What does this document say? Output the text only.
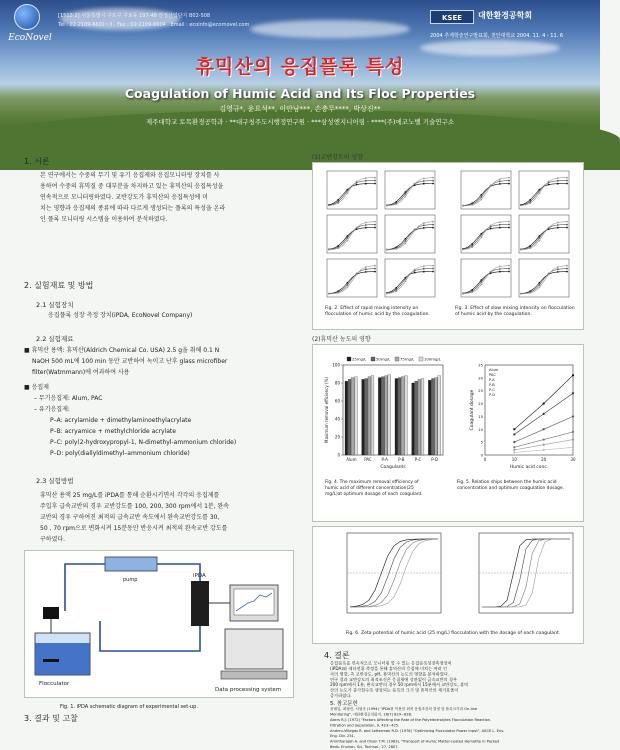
EcoNovel
[1512-2] 서울특별시 구로구 구로동 197-48 안정산업단지 B02-508
Tel : 02-2109-6601~3 . Fax : 02-2109-6604 . Email : ecoinfo@ecornovel.com
KSEE	대한환경공학회
2004 추계학술연구발표회, 천안대학교 2004. 11. 4 - 11. 6
휴믹산의 응집플록 특성
Coagulation of Humic Acid and Its Floc Properties
김영규*, 윤요석**, 이안남***, 손충무****, 박상진**
제주대학교 토목환경공학과 · **대구청주도시행정연구원 · ***삼성엔지니어링 · ****(주)에코노벨 기술연구소
1. 서론
본 연구에서는 수중의 무기 및 유기 응집제와 응집모니터링 장치를 사
용하여 수중의 휴믹질 중 대부분을 차지하고 있는 휴믹산의 응집특성을
연속적으로 모니터링하였다. 교반강도가 휴믹산의 응집특성에 미
치는 영향과 응집제의 종류에 따라 다르게 생성되는 플록의 특성을 온라
인 플록 모니터링 시스템을 이용하여 분석하였다.
2. 실험재료 및 방법
2.1 실험장치
응집플록 성장 측정 장치(iPDA, EcoNovel Company)
2.2 실험재료
■ 휴믹산 용액: 휴믹산(Aldrich Chemical Co. USA) 2.5 g을 취해 0.1 N
NaOH 500 mL에 100 min 동안 교반하여 녹이고 난후 glass microfiber
filter(Watmmann)에 여과하여 사용
■ 응집제
– 무기응집제: Alum, PAC
– 유기응집제:
P–A: acrylamide + dimethylaminoethylacrylate
P–B: acryamice + methylchloride acrylate
P–C: poly(2-hydroxypropyl-1, N-dimethyl-ammonium chloride)
P–D: poly(diallyldimethyl–ammonium chloride)
2.3 실험방법
휴믹산 용액 25 mg/L를 iPDA를 통해 순환시키면서 각각의 응집제를
주입후 급속교반의 경우 교반강도를 100, 200, 300 rpm에서 1분, 완속
교반의 경우 구하여진 최적의 급속교반 속도에서 완속교반강도를 30,
50 , 70 rpm으로 변화시켜 15분동안 반응시켜 최적의 완속교반 강도를
구하였다.
pump
iPDA
Flocculator
Data processing system
Fig. 1. iPDA schematic diagram of experimental set-up.
3. 결과 및 고찰
(1)교반강도의 영향
Fig. 2. Effect of rapid mixing intensity on flocculation of humic acid by the coagulation.
Fig. 3. Effect of slow mixing intensity on flocculation of humic acid by the coagulation.
(2)휴믹산 농도의 영향
0
20
40
60
80
100
Alum PAC P-A	P-B	P-C P-D
Coagulants
Maximum removal efficiency (%)
25mg/L	50mg/L	75mg/L	100mg/L
0	10	20	30
0
5
10
15
20
25
30
35
Alum
PAC
P-A
P-B
P-C
P-D
Humic acid conc.
Coagulant dosage
Fig. 4. The maximum removal efficiency of
humic acid of different concentration(25
mg/L)at optimum dosage of each coagulant.
Fig. 5. Relation ships between the humic acid
concentration and optimum coagulation dosage.
Fig. 6. Zeta potential of humic acid (25 mg/L) flocculation with the dosage of each coagulant.
4. 결론
응집플록을 연속적으로 모니터링 할 수 있는 응집플록성장측정장치
(iPDA)와 제타전위 측정을 통해 휴믹산의 응집에 미치는 여러 인
자의 영향, 즉 교반강도, pH, 휴믹산의 농도의 영향을 분석하였다.
연구 결과 교반강도의 최적조건은 응집제에 상관없이 급속교반의 경우
200 rpm에서 1분, 완속교반의 경우 50 rpm에서 15분에서 교반강도, 휴믹
산의 농도가 증가할수록 생성되는 플록의 크기 및 휴믹산의 제거효율이
증가하였다.
5. 참고문헌
윤태일, 최형진, 서형준 (1994) "iPDA를 이용한 최적 응집조건의 결정 및 플록크기의 On-line
Monitoring", 대한환경공학회지, 16(7) 829~838.
Akers R.J. (1972) "Factors Affecting the Rate of the Polyelectrolytes Flocculation Reaction.
Filtration and Separation, 9, 423~425.
Andreu-Villegas R. and Letterman R.D. (1976) "Optimizing Flocculator Power Input", ASCE L. Env.
Eng. Div. 251.
Amirtharajah A. and Olson T.M. (1983), "Transport of Humic Matter-coated Hematite in Packed
Beds. Environ. Sci. Technol., 27, 2807.
